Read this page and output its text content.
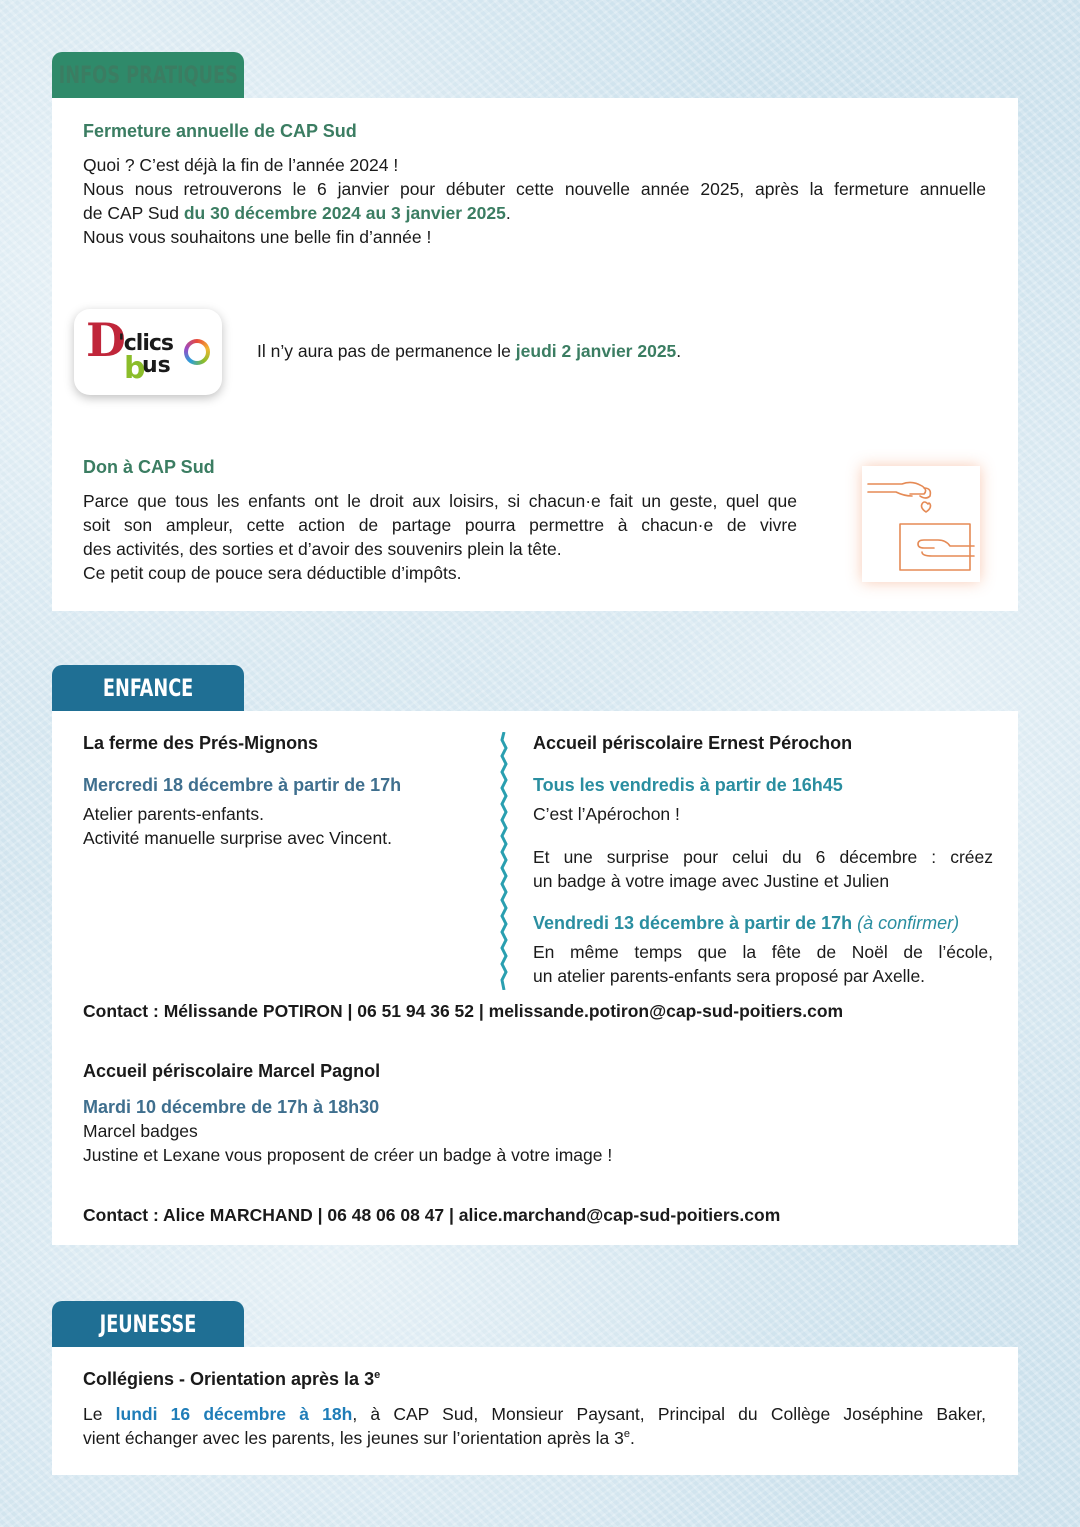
INFOS PRATIQUES
Fermeture annuelle de CAP Sud
Quoi ? C’est déjà la fin de l’année 2024 !
Nous nous retrouverons le 6 janvier pour débuter cette nouvelle année 2025, après la fermeture annuelle
de CAP Sud du 30 décembre 2024 au 3 janvier 2025.
Nous vous souhaitons une belle fin d’année !
D
'clics
b
us
Il n’y aura pas de permanence le jeudi 2 janvier 2025.
Don à CAP Sud
Parce que tous les enfants ont le droit aux loisirs, si chacun·e fait un geste, quel que
soit son ampleur, cette action de partage pourra permettre à chacun·e de vivre
des activités, des sorties et d’avoir des souvenirs plein la tête.
Ce petit coup de pouce sera déductible d’impôts.
ENFANCE
La ferme des Prés-Mignons
Mercredi 18 décembre à partir de 17h
Atelier parents-enfants.
Activité manuelle surprise avec Vincent.
Accueil périscolaire Ernest Pérochon
Tous les vendredis à partir de 16h45
C’est l’Apérochon !
Et une surprise pour celui du 6 décembre : créez
un badge à votre image avec Justine et Julien
Vendredi 13 décembre à partir de 17h (à confirmer)
En même temps que la fête de Noël de l’école,
un atelier parents-enfants sera proposé par Axelle.
Contact : Mélissande POTIRON | 06 51 94 36 52 | melissande.potiron@cap-sud-poitiers.com
Accueil périscolaire Marcel Pagnol
Mardi 10 décembre de 17h à 18h30
Marcel badges
Justine et Lexane vous proposent de créer un badge à votre image !
Contact : Alice MARCHAND | 06 48 06 08 47 | alice.marchand@cap-sud-poitiers.com
JEUNESSE
Collégiens - Orientation après la 3e
Le lundi 16 décembre à 18h, à CAP Sud, Monsieur Paysant, Principal du Collège Joséphine Baker,
vient échanger avec les parents, les jeunes sur l’orientation après la 3e.
